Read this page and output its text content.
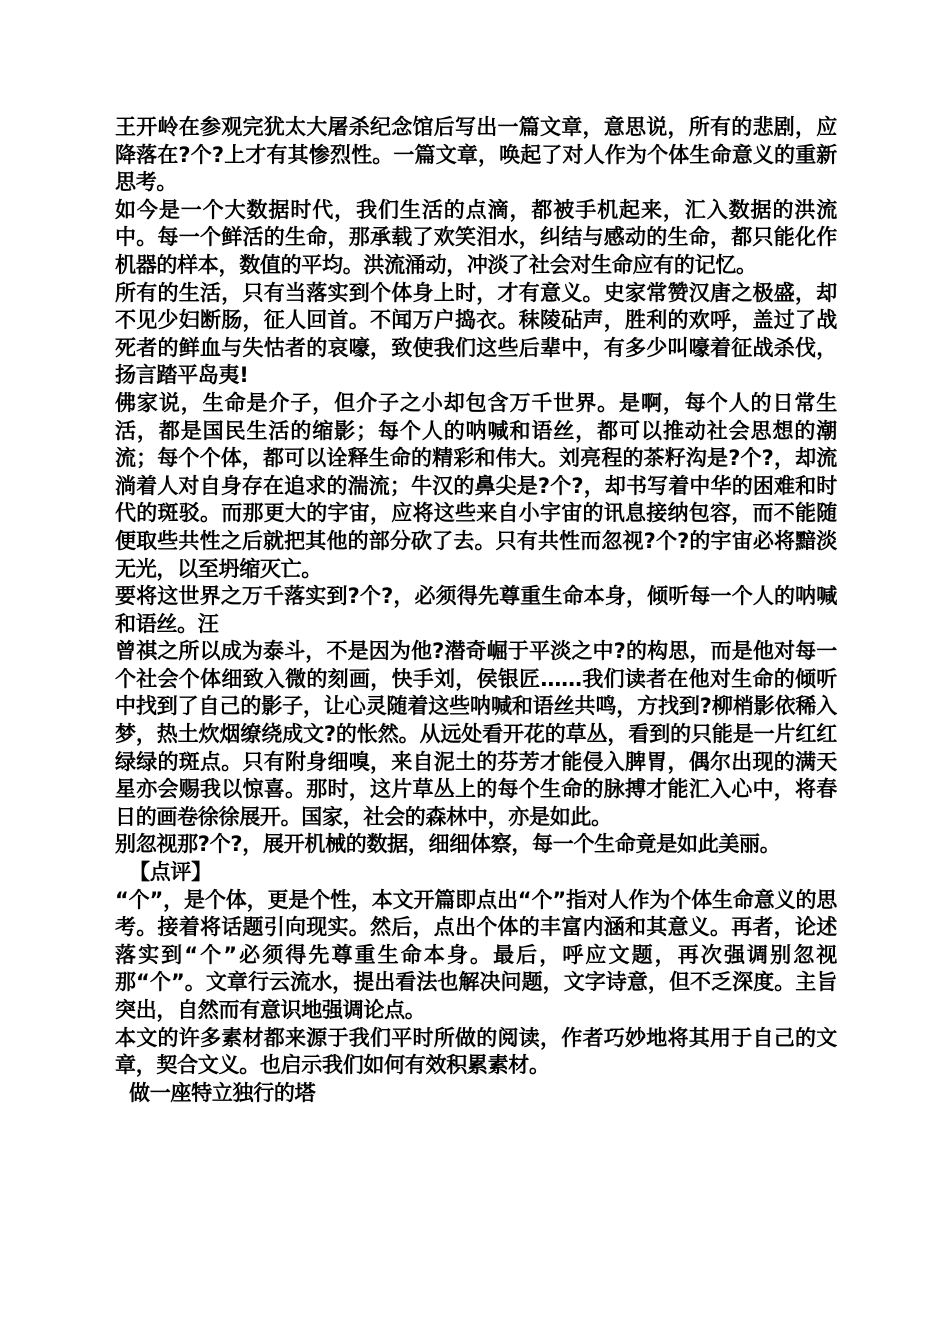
王开岭在参观完犹太大屠杀纪念馆后写出一篇文章，意思说，所有的悲剧，应降落在?个?上才有其惨烈性。一篇文章，唤起了对人作为个体生命意义的重新思考。

如今是一个大数据时代，我们生活的点滴，都被手机起来，汇入数据的洪流中。每一个鲜活的生命，那承载了欢笑泪水，纠结与感动的生命，都只能化作机器的样本，数值的平均。洪流涌动，冲淡了社会对生命应有的记忆。

所有的生活，只有当落实到个体身上时，才有意义。史家常赞汉唐之极盛，却不见少妇断肠，征人回首。不闻万户捣衣。秣陵砧声，胜利的欢呼，盖过了战死者的鲜血与失怙者的哀嚎，致使我们这些后辈中，有多少叫嚎着征战杀伐，扬言踏平岛夷!

佛家说，生命是介子，但介子之小却包含万千世界。是啊，每个人的日常生活，都是国民生活的缩影；每个人的呐喊和语丝，都可以推动社会思想的潮流；每个个体，都可以诠释生命的精彩和伟大。刘亮程的茶籽沟是?个?，却流淌着人对自身存在追求的湍流；牛汉的鼻尖是?个?，却书写着中华的困难和时代的斑驳。而那更大的宇宙，应将这些来自小宇宙的讯息接纳包容，而不能随便取些共性之后就把其他的部分砍了去。只有共性而忽视?个?的宇宙必将黯淡无光，以至坍缩灭亡。

要将这世界之万千落实到?个?，必须得先尊重生命本身，倾听每一个人的呐喊和语丝。汪

曾祺之所以成为泰斗，不是因为他?潜奇崛于平淡之中?的构思，而是他对每一个社会个体细致入微的刻画，快手刘，侯银匠……我们读者在他对生命的倾听中找到了自己的影子，让心灵随着这些呐喊和语丝共鸣，方找到?柳梢影依稀入梦，热土炊烟缭绕成文?的怅然。从远处看开花的草丛，看到的只能是一片红红绿绿的斑点。只有附身细嗅，来自泥土的芬芳才能侵入脾胃，偶尔出现的满天星亦会赐我以惊喜。那时，这片草丛上的每个生命的脉搏才能汇入心中，将春日的画卷徐徐展开。国家，社会的森林中，亦是如此。

别忽视那?个?，展开机械的数据，细细体察，每一个生命竟是如此美丽。

【点评】

“个”，是个体，更是个性，本文开篇即点出“个”指对人作为个体生命意义的思考。接着将话题引向现实。然后，点出个体的丰富内涵和其意义。再者，论述落实到“个”必须得先尊重生命本身。最后，呼应文题，再次强调别忽视那“个”。文章行云流水，提出看法也解决问题，文字诗意，但不乏深度。主旨突出，自然而有意识地强调论点。

本文的许多素材都来源于我们平时所做的阅读，作者巧妙地将其用于自己的文章，契合文义。也启示我们如何有效积累素材。

做一座特立独行的塔
